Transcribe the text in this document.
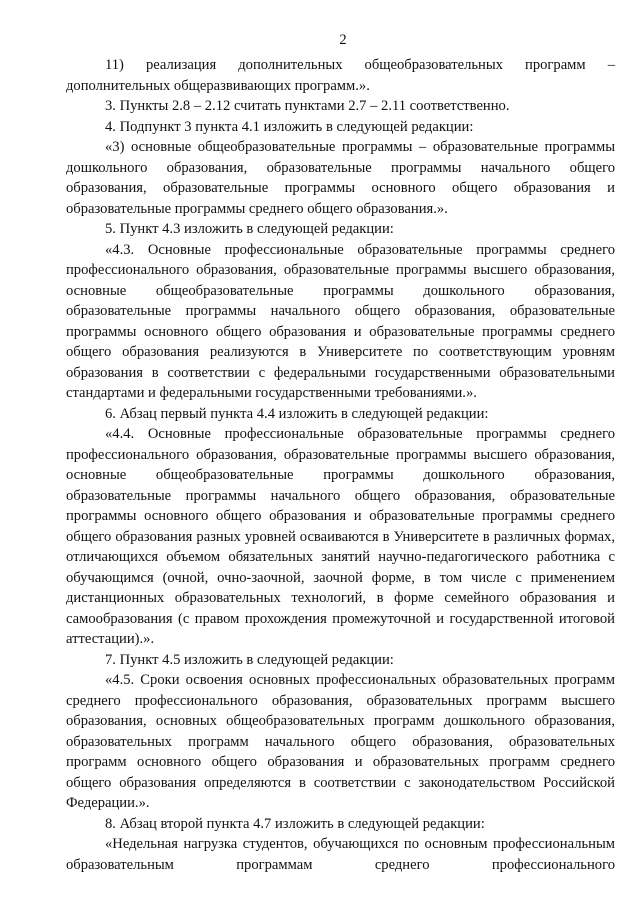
2

11) реализация дополнительных общеобразовательных программ – дополнительных общеразвивающих программ.».

3. Пункты 2.8 – 2.12 считать пунктами 2.7 – 2.11 соответственно.

4. Подпункт 3 пункта 4.1 изложить в следующей редакции:

«3) основные общеобразовательные программы – образовательные программы дошкольного образования, образовательные программы начального общего образования, образовательные программы основного общего образования и образовательные программы среднего общего образования.».

5. Пункт 4.3 изложить в следующей редакции:

«4.3. Основные профессиональные образовательные программы среднего профессионального образования, образовательные программы высшего образования, основные общеобразовательные программы дошкольного образования, образовательные программы начального общего образования, образовательные программы основного общего образования и образовательные программы среднего общего образования реализуются в Университете по соответствующим уровням образования в соответствии с федеральными государственными образовательными стандартами и федеральными государственными требованиями.».

6. Абзац первый пункта 4.4 изложить в следующей редакции:

«4.4. Основные профессиональные образовательные программы среднего профессионального образования, образовательные программы высшего образования, основные общеобразовательные программы дошкольного образования, образовательные программы начального общего образования, образовательные программы основного общего образования и образовательные программы среднего общего образования разных уровней осваиваются в Университете в различных формах, отличающихся объемом обязательных занятий научно-педагогического работника с обучающимся (очной, очно-заочной, заочной форме, в том числе с применением дистанционных образовательных технологий, в форме семейного образования и самообразования (с правом прохождения промежуточной и государственной итоговой аттестации).».

7. Пункт 4.5 изложить в следующей редакции:

«4.5. Сроки освоения основных профессиональных образовательных программ среднего профессионального образования, образовательных программ высшего образования, основных общеобразовательных программ дошкольного образования, образовательных программ начального общего образования, образовательных программ основного общего образования и образовательных программ среднего общего образования определяются в соответствии с законодательством Российской Федерации.».

8. Абзац второй пункта 4.7 изложить в следующей редакции:

«Недельная нагрузка студентов, обучающихся по основным профессиональным образовательным программам среднего профессионального
